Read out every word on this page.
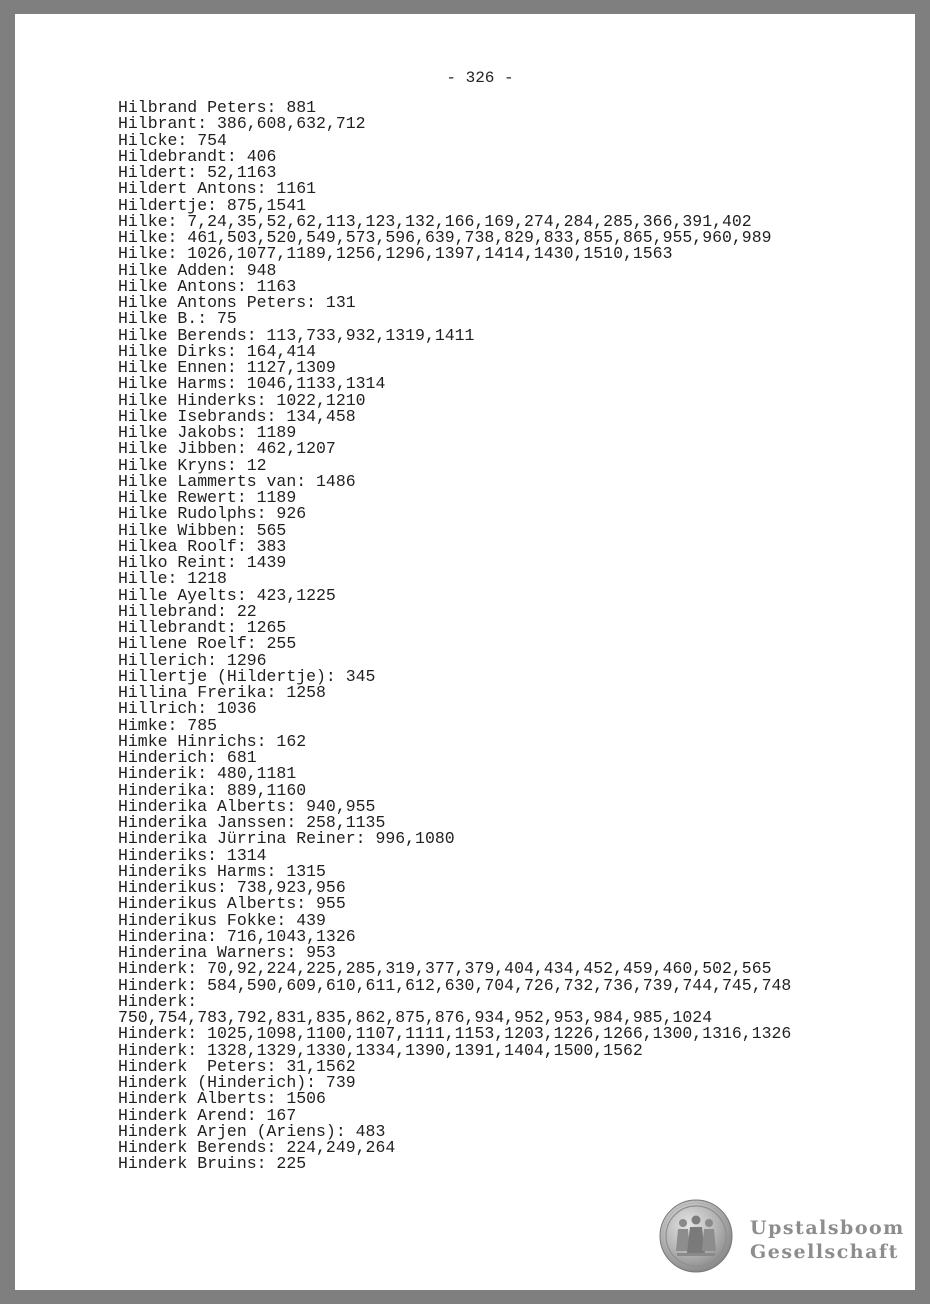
- 326 -
Hilbrand Peters: 881
Hilbrant: 386,608,632,712
Hilcke: 754
Hildebrandt: 406
Hildert: 52,1163
Hildert Antons: 1161
Hildertje: 875,1541
Hilke: 7,24,35,52,62,113,123,132,166,169,274,284,285,366,391,402
Hilke: 461,503,520,549,573,596,639,738,829,833,855,865,955,960,989
Hilke: 1026,1077,1189,1256,1296,1397,1414,1430,1510,1563
Hilke Adden: 948
Hilke Antons: 1163
Hilke Antons Peters: 131
Hilke B.: 75
Hilke Berends: 113,733,932,1319,1411
Hilke Dirks: 164,414
Hilke Ennen: 1127,1309
Hilke Harms: 1046,1133,1314
Hilke Hinderks: 1022,1210
Hilke Isebrands: 134,458
Hilke Jakobs: 1189
Hilke Jibben: 462,1207
Hilke Kryns: 12
Hilke Lammerts van: 1486
Hilke Rewert: 1189
Hilke Rudolphs: 926
Hilke Wibben: 565
Hilkea Roolf: 383
Hilko Reint: 1439
Hille: 1218
Hille Ayelts: 423,1225
Hillebrand: 22
Hillebrandt: 1265
Hillene Roelf: 255
Hillerich: 1296
Hillertje (Hildertje): 345
Hillina Frerika: 1258
Hillrich: 1036
Himke: 785
Himke Hinrichs: 162
Hinderich: 681
Hinderik: 480,1181
Hinderika: 889,1160
Hinderika Alberts: 940,955
Hinderika Janssen: 258,1135
Hinderika Jürrina Reiner: 996,1080
Hinderiks: 1314
Hinderiks Harms: 1315
Hinderikus: 738,923,956
Hinderikus Alberts: 955
Hinderikus Fokke: 439
Hinderina: 716,1043,1326
Hinderina Warners: 953
Hinderk: 70,92,224,225,285,319,377,379,404,434,452,459,460,502,565
Hinderk: 584,590,609,610,611,612,630,704,726,732,736,739,744,745,748
Hinderk:
750,754,783,792,831,835,862,875,876,934,952,953,984,985,1024
Hinderk: 1025,1098,1100,1107,1111,1153,1203,1226,1266,1300,1316,1326
Hinderk: 1328,1329,1330,1334,1390,1391,1404,1500,1562
Hinderk  Peters: 31,1562
Hinderk (Hinderich): 739
Hinderk Alberts: 1506
Hinderk Arend: 167
Hinderk Arjen (Ariens): 483
Hinderk Berends: 224,249,264
Hinderk Bruins: 225
Upstalsboom
Gesellschaft
